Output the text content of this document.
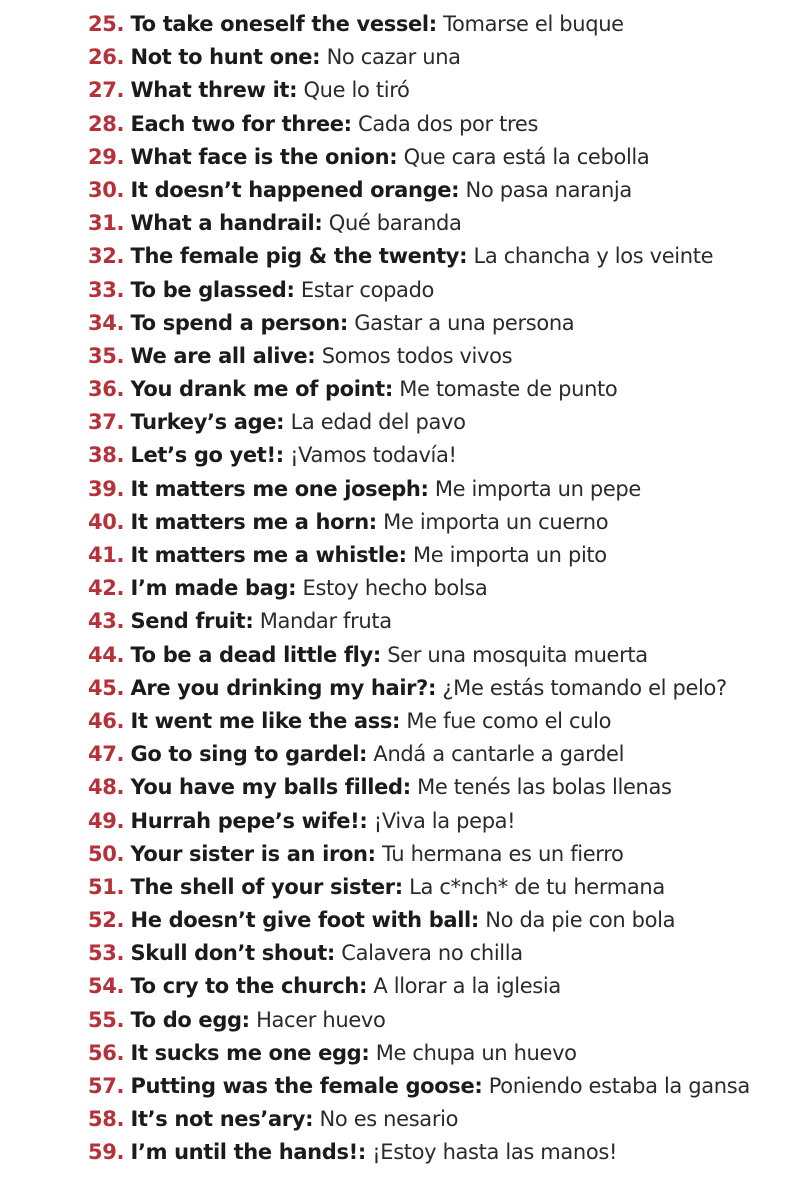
25. To take oneself the vessel: Tomarse el buque
26. Not to hunt one: No cazar una
27. What threw it: Que lo tiró
28. Each two for three: Cada dos por tres
29. What face is the onion: Que cara está la cebolla
30. It doesn’t happened orange: No pasa naranja
31. What a handrail: Qué baranda
32. The female pig & the twenty: La chancha y los veinte
33. To be glassed: Estar copado
34. To spend a person: Gastar a una persona
35. We are all alive: Somos todos vivos
36. You drank me of point: Me tomaste de punto
37. Turkey’s age: La edad del pavo
38. Let’s go yet!: ¡Vamos todavía!
39. It matters me one joseph: Me importa un pepe
40. It matters me a horn: Me importa un cuerno
41. It matters me a whistle: Me importa un pito
42. I’m made bag: Estoy hecho bolsa
43. Send fruit: Mandar fruta
44. To be a dead little fly: Ser una mosquita muerta
45. Are you drinking my hair?: ¿Me estás tomando el pelo?
46. It went me like the ass: Me fue como el culo
47. Go to sing to gardel: Andá a cantarle a gardel
48. You have my balls filled: Me tenés las bolas llenas
49. Hurrah pepe’s wife!: ¡Viva la pepa!
50. Your sister is an iron: Tu hermana es un fierro
51. The shell of your sister: La c*nch* de tu hermana
52. He doesn’t give foot with ball: No da pie con bola
53. Skull don’t shout: Calavera no chilla
54. To cry to the church: A llorar a la iglesia
55. To do egg: Hacer huevo
56. It sucks me one egg: Me chupa un huevo
57. Putting was the female goose: Poniendo estaba la gansa
58. It’s not nes’ary: No es nesario
59. I’m until the hands!: ¡Estoy hasta las manos!
